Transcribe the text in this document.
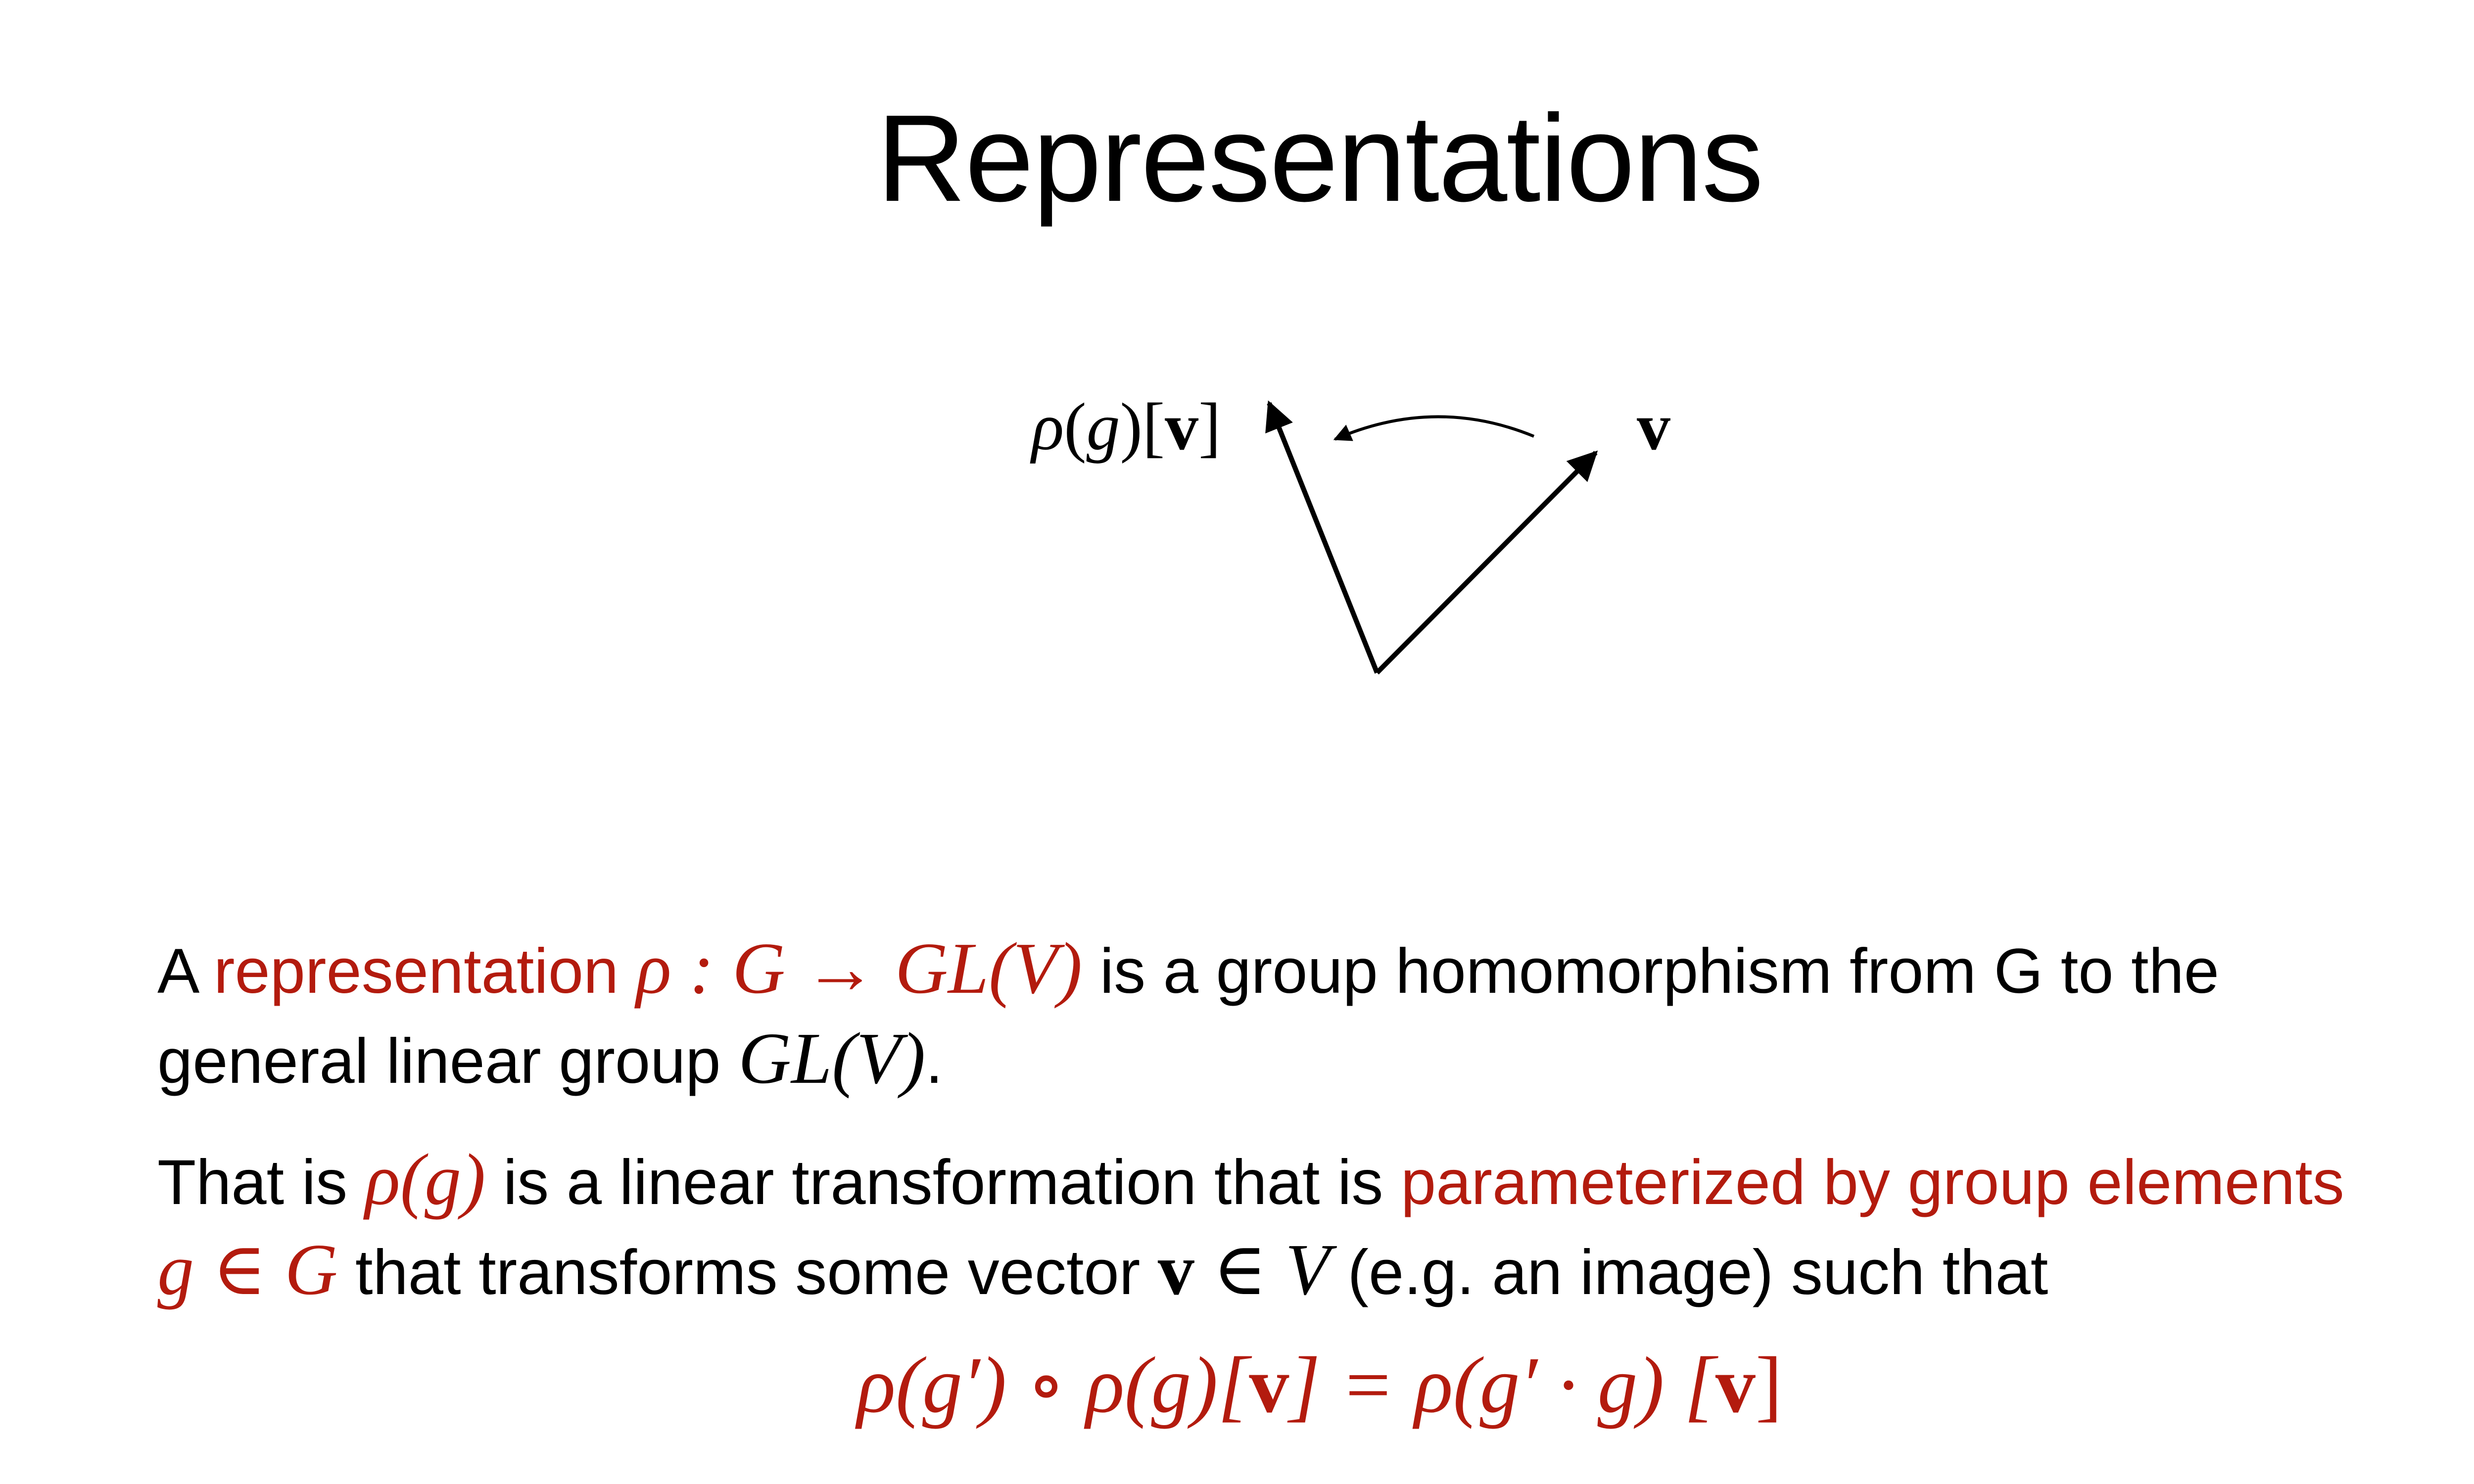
Representations
ρ(g)[v]	v
A representation ρ : G → GL(V) is a group homomorphism from G to the
general linear group GL(V).
That is ρ(g) is a linear transformation that is parameterized by group elements
g ∈ G that transforms some vector v ∈ V (e.g. an image) such that
ρ(g′) ∘ ρ(g)[v] = ρ(g′ · g) [v]
